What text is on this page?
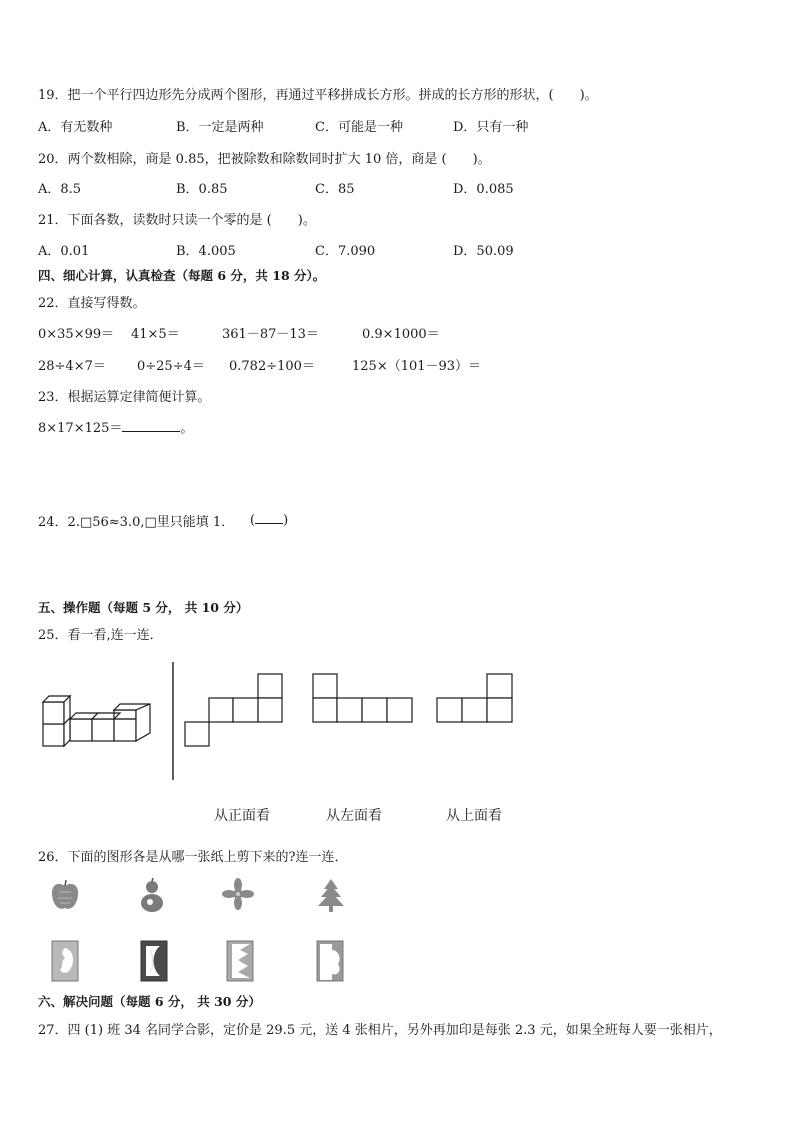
19．把一个平行四边形先分成两个图形，再通过平移拼成长方形。拼成的长方形的形状，(　　)。
A．有无数种	B．一定是两种	C．可能是一种	D．只有一种
20．两个数相除，商是 0.85，把被除数和除数同时扩大 10 倍，商是 (　　)。
A．8.5	B．0.85	C．85	D．0.085
21．下面各数，读数时只读一个零的是 (　　)。
A．0.01	B．4.005	C．7.090	D．50.09
四、细心计算，认真检查（每题 6 分，共 18 分）。
22．直接写得数。
0×35×99＝ 41×5＝	361－87－13＝	0.9×1000＝
28÷4×7＝ 0÷25÷4＝ 0.782÷100＝	125×（101－93）＝
23．根据运算定律简便计算。
8×17×125＝	。
24．2.□56≈3.0,□里只能填 1． ( )
五、操作题（每题 5 分， 共 10 分）
25．看一看,连一连．
从正面看	从左面看	从上面看
26．下面的图形各是从哪一张纸上剪下来的?连一连．
六、解决问题（每题 6 分， 共 30 分）
27．四 (1) 班 34 名同学合影，定价是 29.5 元，送 4 张相片，另外再加印是每张 2.3 元，如果全班每人要一张相片，
